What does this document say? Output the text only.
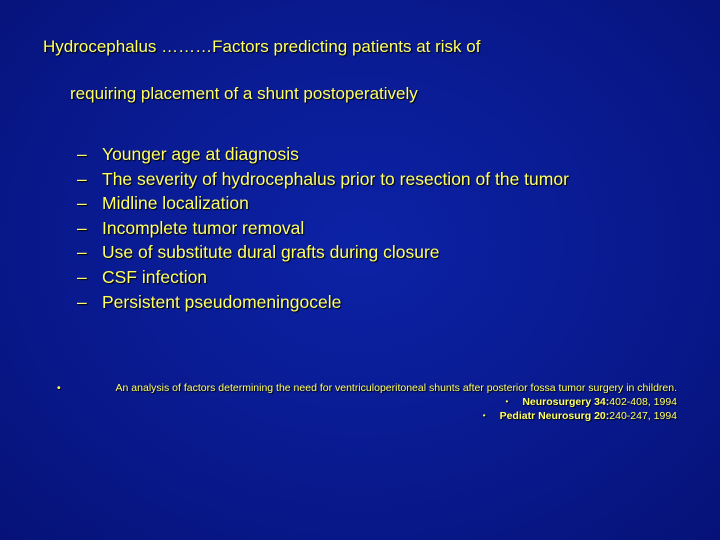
Hydrocephalus ………Factors predicting patients at risk of
requiring placement of a shunt postoperatively
– Younger age at diagnosis
– The severity of hydrocephalus prior to resection of the tumor
– Midline localization
– Incomplete tumor removal
– Use of substitute dural grafts during closure
– CSF infection
– Persistent pseudomeningocele
•	An analysis of factors determining the need for ventriculoperitoneal shunts after posterior fossa tumor surgery in children.
• Neurosurgery 34:402-408, 1994
• Pediatr Neurosurg 20:240-247, 1994
